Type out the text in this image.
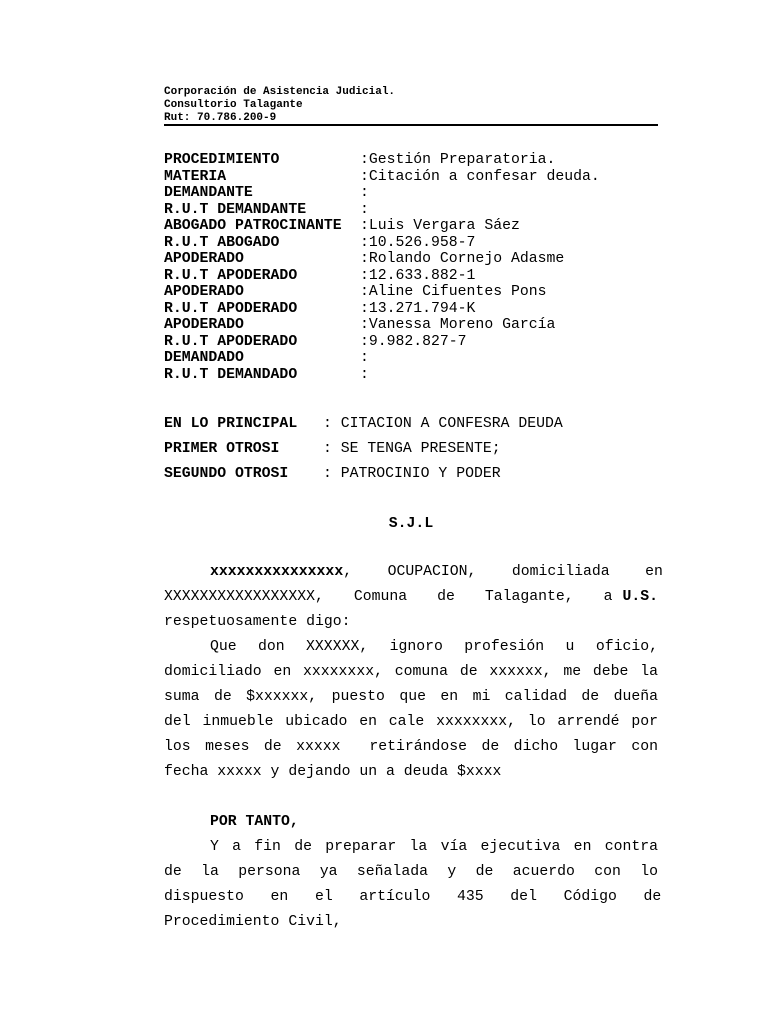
Corporación de Asistencia Judicial.
Consultorio Talagante
Rut: 70.786.200-9
PROCEDIMIENTO	:Gestión Preparatoria.
MATERIA	:Citación a confesar deuda.
DEMANDANTE	:
R.U.T DEMANDANTE	:
ABOGADO PATROCINANTE :Luis Vergara Sáez
R.U.T ABOGADO	:10.526.958-7
APODERADO	:Rolando Cornejo Adasme
R.U.T APODERADO	:12.633.882-1
APODERADO	:Aline Cifuentes Pons
R.U.T APODERADO	:13.271.794-K
APODERADO	:Vanessa Moreno García
R.U.T APODERADO	:9.982.827-7
DEMANDADO	:
R.U.T DEMANDADO	:
EN LO PRINCIPAL : CITACION A CONFESRA DEUDA
PRIMER OTROSI	: SE TENGA PRESENTE;
SEGUNDO OTROSI : PATROCINIO Y PODER
S.J.L
xxxxxxxxxxxxxxx,    OCUPACION,    domiciliada    en
XXXXXXXXXXXXXXXXX,   Comuna   de   Talagante,   a U.S.
respetuosamente digo:
Que  don  XXXXXX,  ignoro  profesión  u  oficio,
domiciliado en xxxxxxxx, comuna de xxxxxx, me debe la
suma de $xxxxxx, puesto que en mi calidad de dueña
del inmueble ubicado en cale xxxxxxxx, lo arrendé por
los meses de xxxxx  retirándose de dicho lugar con
fecha xxxxx y dejando un a deuda $xxxx
POR TANTO,
Y a fin de preparar la vía ejecutiva en contra
de  la  persona  ya  señalada  y  de  acuerdo  con  lo
dispuesto   en   el   artículo   435   del   Código   de
Procedimiento Civil,
